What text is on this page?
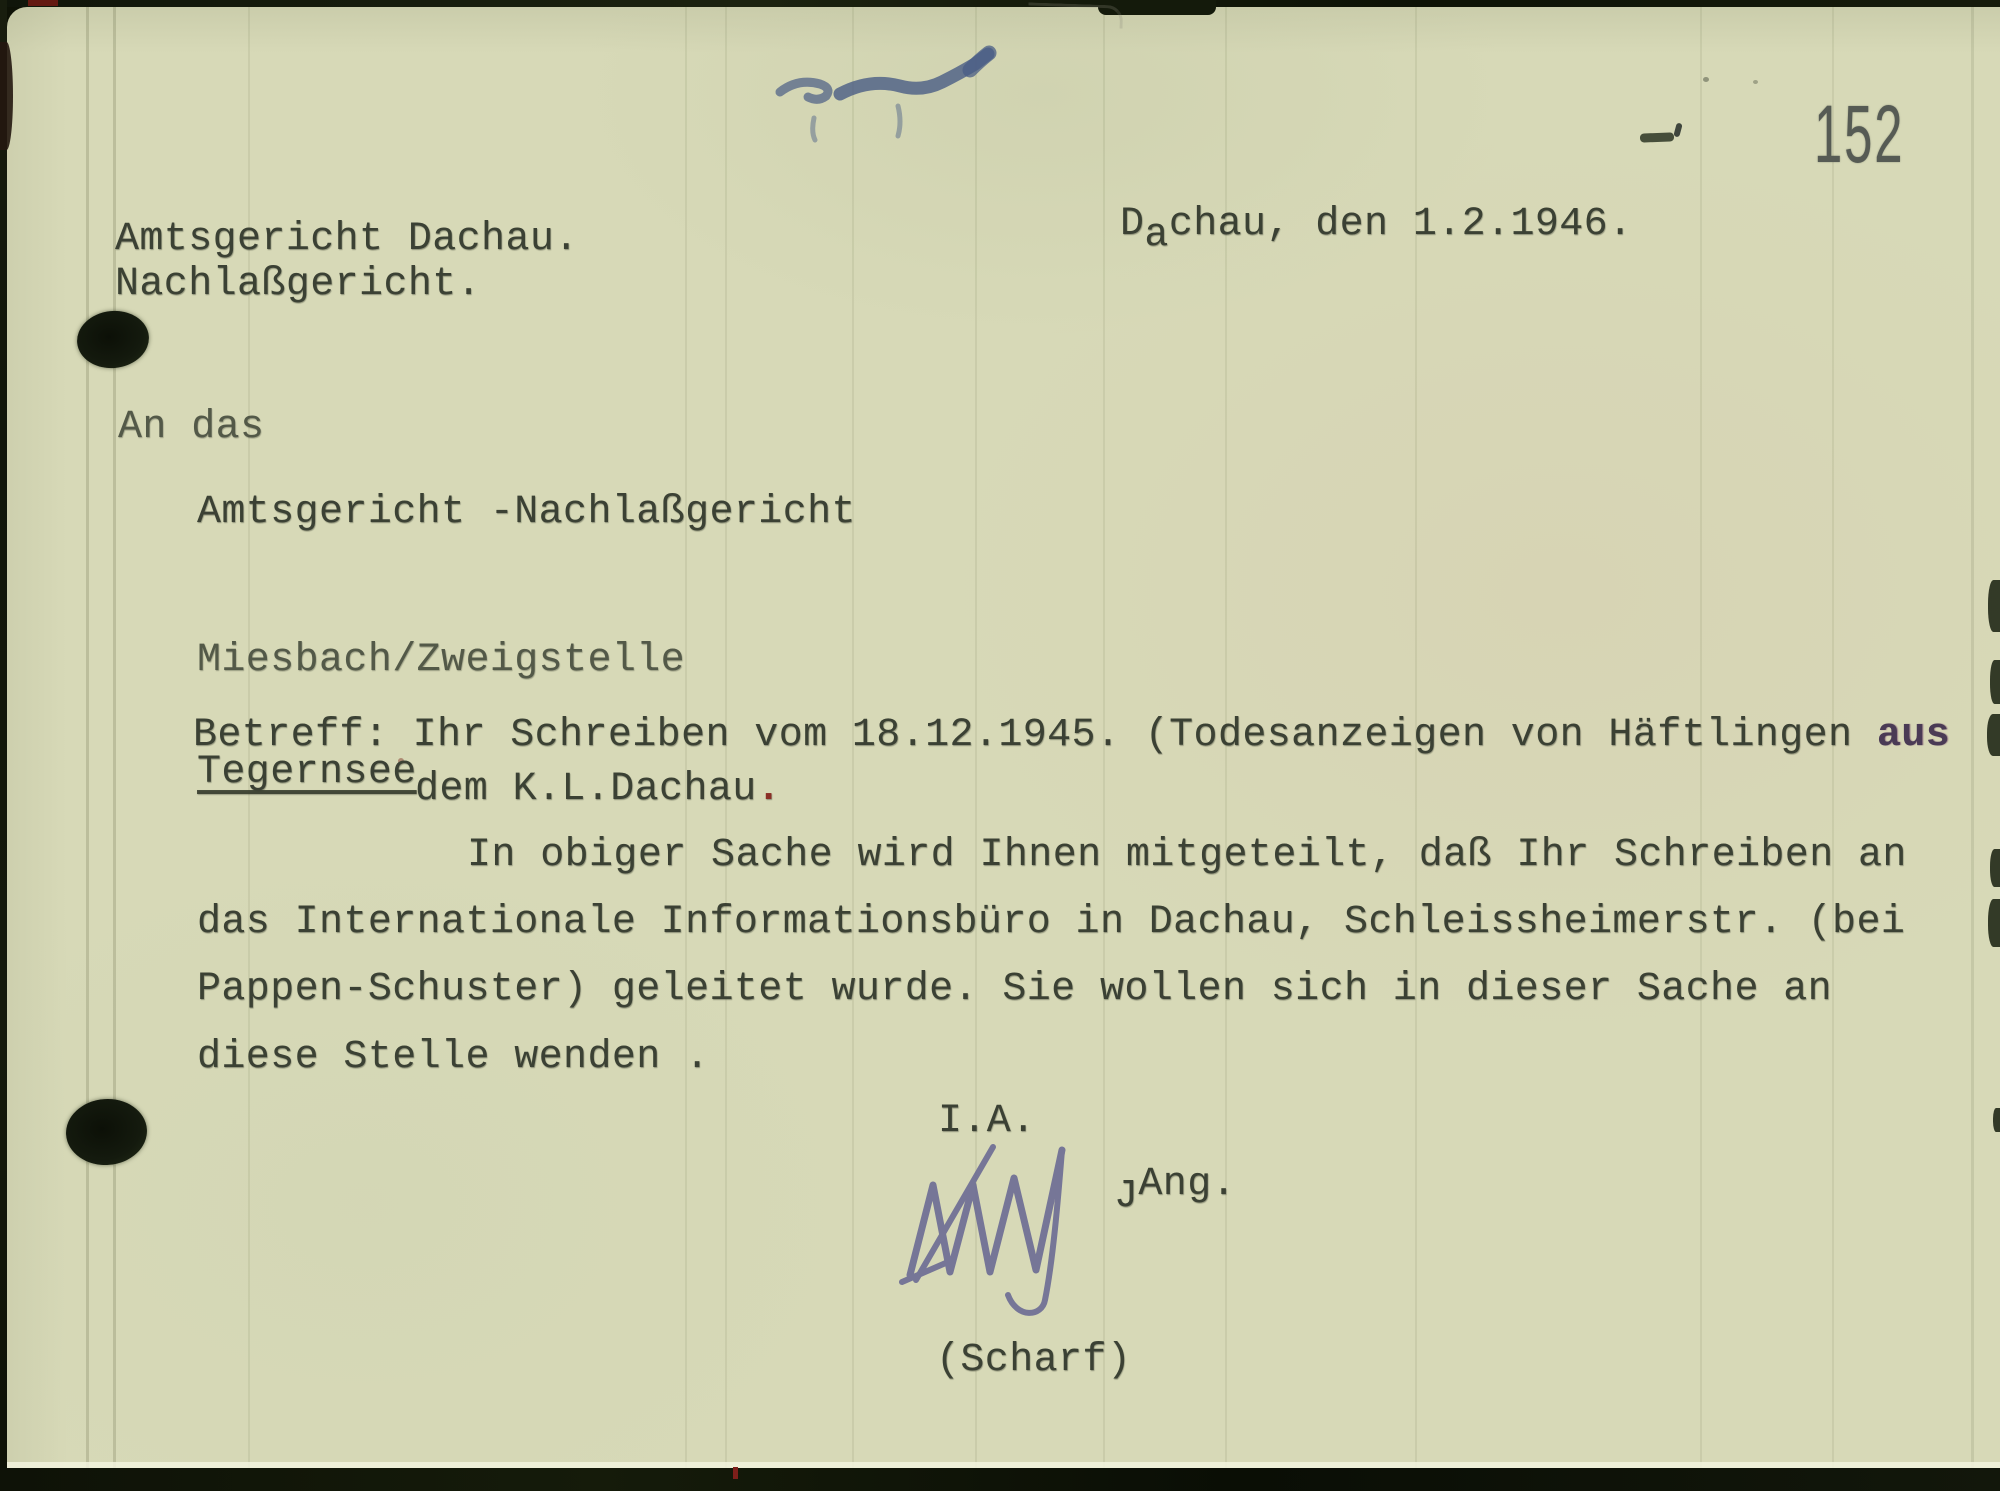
152
Amtsgericht Dachau.
Nachlaßgericht.
Dachau, den 1.2.1946.
An das
Amtsgericht -Nachlaßgericht
Miesbach/Zweigstelle
Tegernsee
Betreff: Ihr Schreiben vom 18.12.1945. (Todesanzeigen von Häftlingen aus
dem K.L.Dachau.
In obiger Sache wird Ihnen mitgeteilt, daß Ihr Schreiben an
das Internationale Informationsbüro in Dachau, Schleissheimerstr. (bei
Pappen-Schuster) geleitet wurde. Sie wollen sich in dieser Sache an
diese Stelle wenden .
I.A.
JAng.
(Scharf)
